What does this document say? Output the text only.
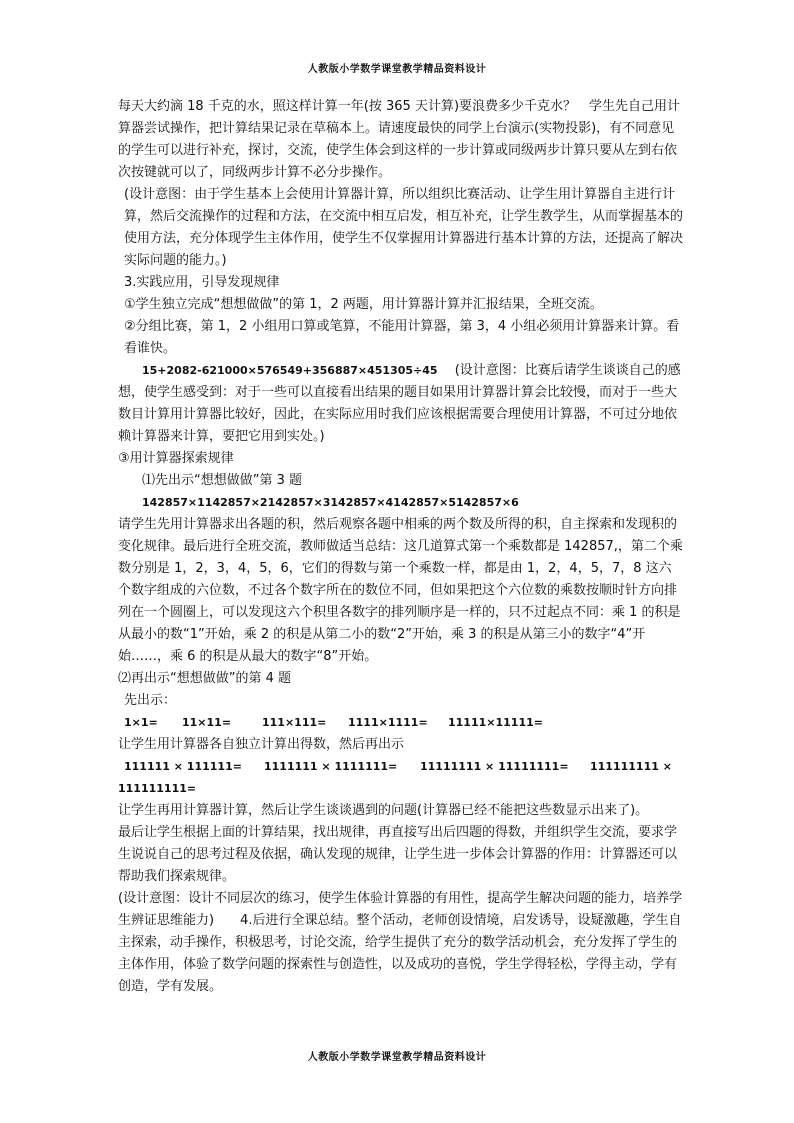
人教版小学数学课堂教学精品资料设计

每天大约滴 18 千克的水，照这样计算一年(按 365 天计算)要浪费多少千克水？　学生先自己用计算器尝试操作，把计算结果记录在草稿本上。请速度最快的同学上台演示(实物投影)，有不同意见的学生可以进行补充，探讨，交流，使学生体会到这样的一步计算或同级两步计算只要从左到右依次按键就可以了，同级两步计算不必分步操作。

(设计意图：由于学生基本上会使用计算器计算，所以组织比赛活动、让学生用计算器自主进行计算，然后交流操作的过程和方法，在交流中相互启发，相互补充，让学生教学生，从而掌握基本的使用方法，充分体现学生主体作用，使学生不仅掌握用计算器进行基本计算的方法，还提高了解决实际问题的能力。)

3.实践应用，引导发现规律

①学生独立完成“想想做做”的第 1，2 两题，用计算器计算并汇报结果，全班交流。

②分组比赛，第 1，2 小组用口算或笔算，不能用计算器，第 3，4 小组必须用计算器来计算。看看谁快。

15+2082-621000×576549+356887×451305÷45　 (设计意图：比赛后请学生谈谈自己的感想，使学生感受到：对于一些可以直接看出结果的题目如果用计算器计算会比较慢，而对于一些大数目计算用计算器比较好，因此，在实际应用时我们应该根据需要合理使用计算器，不可过分地依赖计算器来计算，要把它用到实处。)

③用计算器探索规律

⑴先出示“想想做做”第 3 题

142857×1142857×2142857×3142857×4142857×5142857×6

请学生先用计算器求出各题的积，然后观察各题中相乘的两个数及所得的积，自主探索和发现积的变化规律。最后进行全班交流，教师做适当总结：这几道算式第一个乘数都是 142857,，第二个乘数分别是 1，2，3，4，5，6，它们的得数与第一个乘数一样，都是由 1，2，4，5，7，8 这六个数字组成的六位数，不过各个数字所在的数位不同，但如果把这个六位数的乘数按顺时针方向排列在一个圆圈上，可以发现这六个积里各数字的排列顺序是一样的，只不过起点不同：乘 1 的积是从最小的数“1”开始，乘 2 的积是从第二小的数“2”开始，乘 3 的积是从第三小的数字“4”开始……，乘 6 的积是从最大的数字“8”开始。

⑵再出示“想想做做”的第 4 题

先出示：

1×1=	11×11=	111×111=	1111×1111=	11111×11111=

让学生用计算器各自独立计算出得数，然后再出示

111111 × 111111=	1111111 × 1111111=	11111111 × 11111111=	111111111 ×

111111111=

让学生再用计算器计算，然后让学生谈谈遇到的问题(计算器已经不能把这些数显示出来了)。

最后让学生根据上面的计算结果，找出规律，再直接写出后四题的得数，并组织学生交流，要求学生说说自己的思考过程及依据，确认发现的规律，让学生进一步体会计算器的作用：计算器还可以帮助我们探索规律。

(设计意图：设计不同层次的练习，使学生体验计算器的有用性，提高学生解决问题的能力，培养学生辨证思维能力)　　4.后进行全课总结。整个活动，老师创设情境，启发诱导，设疑激趣，学生自主探索，动手操作，积极思考，讨论交流，给学生提供了充分的数学活动机会，充分发挥了学生的主体作用，体验了数学问题的探索性与创造性，以及成功的喜悦，学生学得轻松，学得主动，学有创造，学有发展。

人教版小学数学课堂教学精品资料设计
